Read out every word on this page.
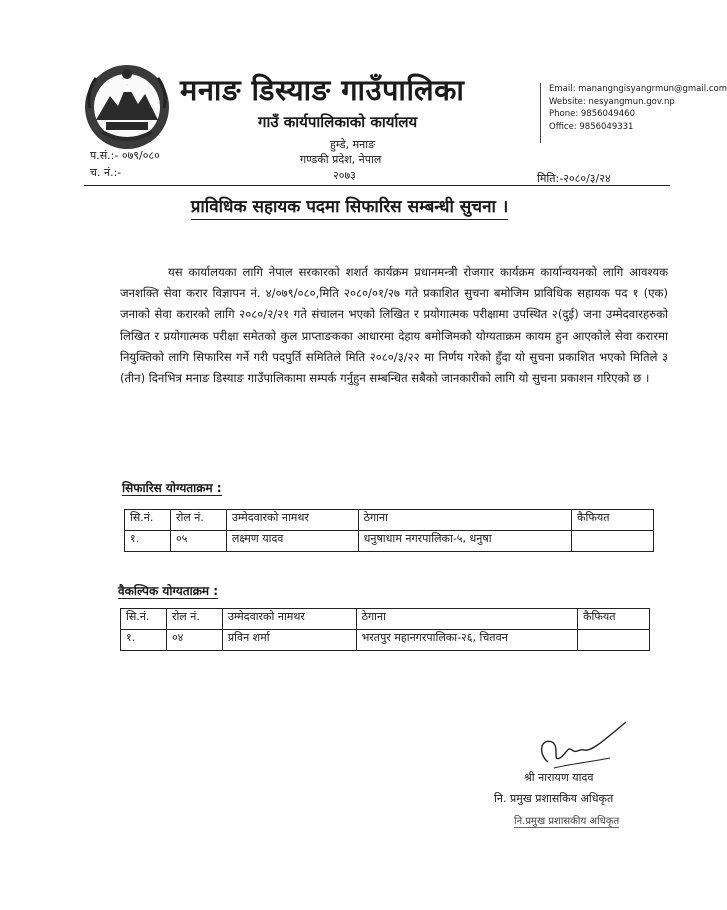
मनाङ डिस्याङ गाउँपालिका
गाउँ कार्यपालिकाको कार्यालय
हुम्डे, मनाङ
गण्डकी प्रदेश, नेपाल
२०७३
Email: manangngisyangrmun@gmail.com
Website: nesyangmun.gov.np
Phone: 9856049460
Office: 9856049331
प.सं.:- ०७९/०८०
च. नं.:-	मिति:-२०८०/३/२४
प्राविधिक सहायक पदमा सिफारिस सम्बन्धी सुचना ।
यस कार्यालयका लागि नेपाल सरकारको शशर्त कार्यक्रम प्रधानमन्त्री रोजगार कार्यक्रम कार्यान्वयनको लागि आवश्यक जनशक्ति सेवा करार विज्ञापन नं. ४/०७९/०८०,मिति २०८०/०१/२७ गते प्रकाशित सुचना बमोजिम प्राविधिक सहायक पद १ (एक) जनाको सेवा करारको लागि २०८०/२/२१ गते संचालन भएको लिखित र प्रयोगात्मक परीक्षामा उपस्थित २(दुई) जना उम्मेदवारहरुको लिखित र प्रयोगात्मक परीक्षा समेतको कुल प्राप्ताङकका आधारमा देहाय बमोजिमको योग्यताक्रम कायम हुन आएकोले सेवा करारमा नियुक्तिको लागि सिफारिस गर्ने गरी पदपुर्ति समितिले मिति २०८०/३/२२ मा निर्णय गरेको हुँदा यो सुचना प्रकाशित भएको मितिले ३ (तीन) दिनभित्र मनाङ डिस्याङ गाउँपालिकामा सम्पर्क गर्नुहुन सम्बन्धित सबैको जानकारीको लागि यो सुचना प्रकाशन गरिएको छ ।
सिफारिस योग्यताक्रम :
सि.नं.	रोल नं.	उम्मेदवारको नामथर	ठेगाना	कैफियत
१.	०५	लक्ष्मण यादव	धनुषाधाम नगरपालिका-५, धनुषा	
वैकल्पिक योग्यताक्रम :
सि.नं.	रोल नं.	उम्मेदवारको नामथर	ठेगाना	कैफियत
१.	०४	प्रविन शर्मा	भरतपुर महानगरपालिका-२६, चितवन	
श्री नारायण यादव
नि. प्रमुख प्रशासकिय अधिकृत
नि.प्रमुख प्रशासकीय अधिकृत
